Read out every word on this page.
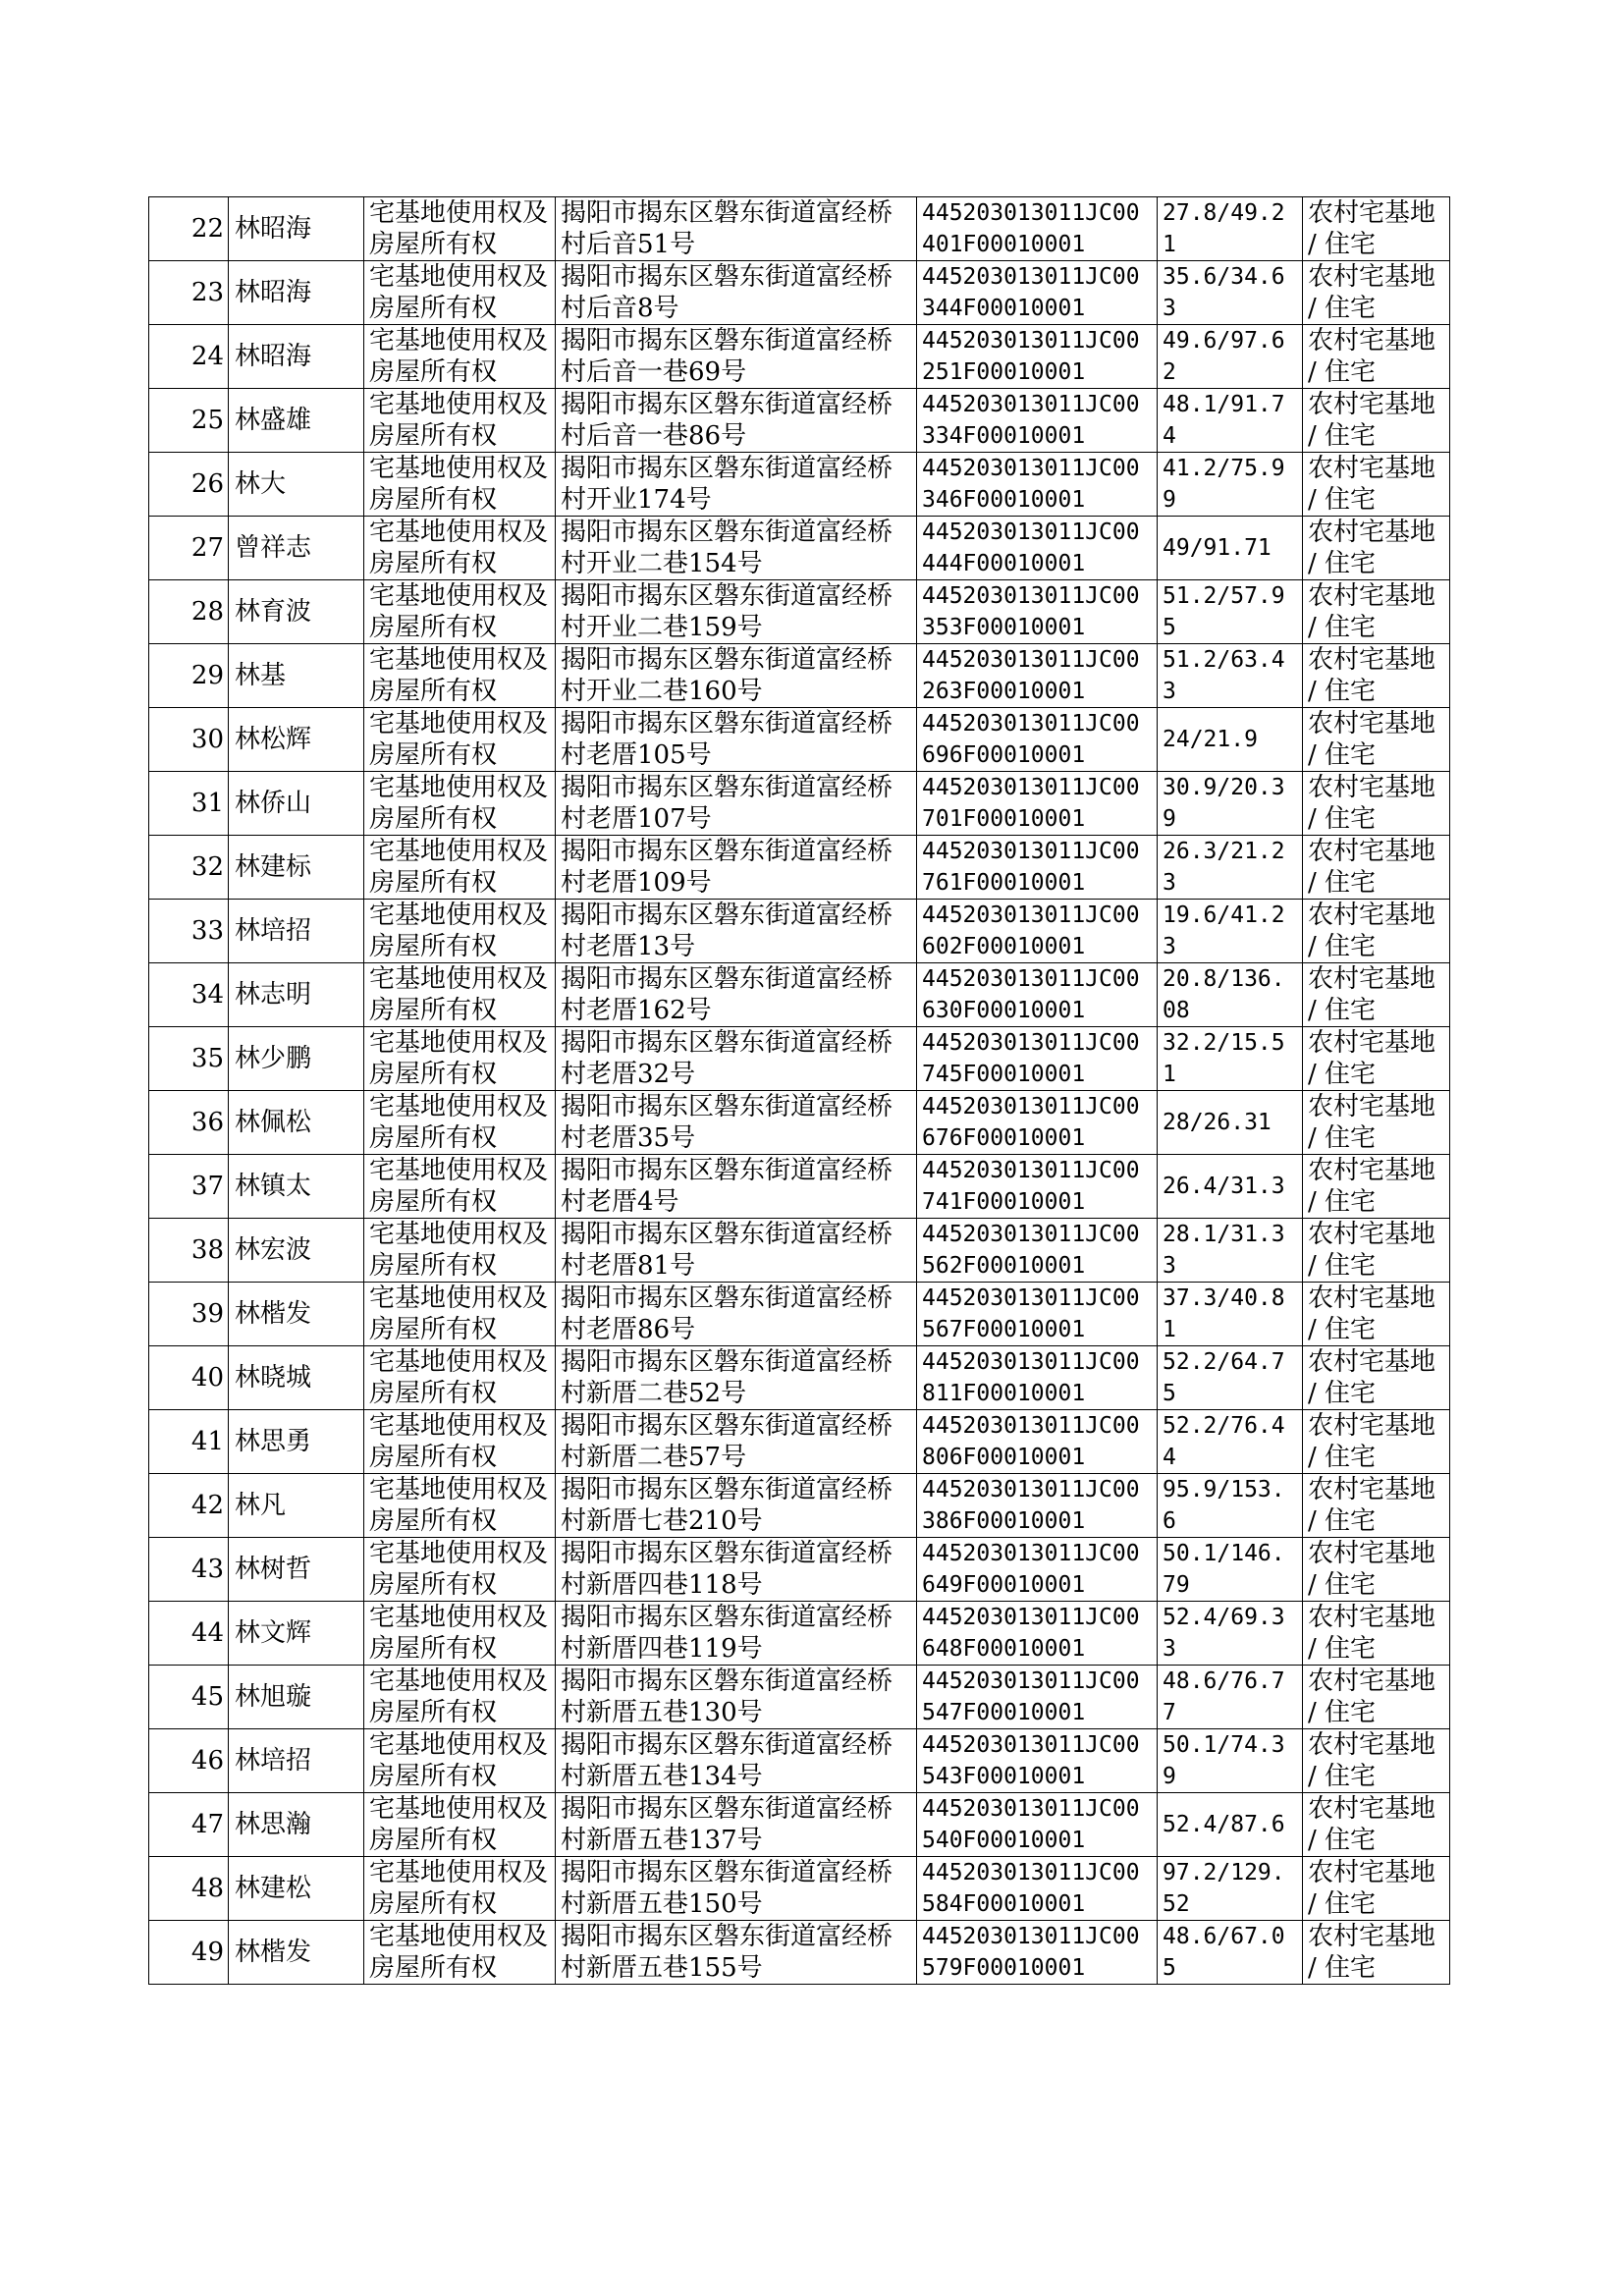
22	林昭海	宅基地使用权及房屋所有权	揭阳市揭东区磐东街道富经桥村后音51号	445203013011JC00401F00010001	27.8/49.21	农村宅基地 / 住宅
23	林昭海	宅基地使用权及房屋所有权	揭阳市揭东区磐东街道富经桥村后音8号	445203013011JC00344F00010001	35.6/34.63	农村宅基地 / 住宅
24	林昭海	宅基地使用权及房屋所有权	揭阳市揭东区磐东街道富经桥村后音一巷69号	445203013011JC00251F00010001	49.6/97.62	农村宅基地 / 住宅
25	林盛雄	宅基地使用权及房屋所有权	揭阳市揭东区磐东街道富经桥村后音一巷86号	445203013011JC00334F00010001	48.1/91.74	农村宅基地 / 住宅
26	林大	宅基地使用权及房屋所有权	揭阳市揭东区磐东街道富经桥村开业174号	445203013011JC00346F00010001	41.2/75.99	农村宅基地 / 住宅
27	曾祥志	宅基地使用权及房屋所有权	揭阳市揭东区磐东街道富经桥村开业二巷154号	445203013011JC00444F00010001	49/91.71	农村宅基地 / 住宅
28	林育波	宅基地使用权及房屋所有权	揭阳市揭东区磐东街道富经桥村开业二巷159号	445203013011JC00353F00010001	51.2/57.95	农村宅基地 / 住宅
29	林基	宅基地使用权及房屋所有权	揭阳市揭东区磐东街道富经桥村开业二巷160号	445203013011JC00263F00010001	51.2/63.43	农村宅基地 / 住宅
30	林松辉	宅基地使用权及房屋所有权	揭阳市揭东区磐东街道富经桥村老厝105号	445203013011JC00696F00010001	24/21.9	农村宅基地 / 住宅
31	林侨山	宅基地使用权及房屋所有权	揭阳市揭东区磐东街道富经桥村老厝107号	445203013011JC00701F00010001	30.9/20.39	农村宅基地 / 住宅
32	林建标	宅基地使用权及房屋所有权	揭阳市揭东区磐东街道富经桥村老厝109号	445203013011JC00761F00010001	26.3/21.23	农村宅基地 / 住宅
33	林培招	宅基地使用权及房屋所有权	揭阳市揭东区磐东街道富经桥村老厝13号	445203013011JC00602F00010001	19.6/41.23	农村宅基地 / 住宅
34	林志明	宅基地使用权及房屋所有权	揭阳市揭东区磐东街道富经桥村老厝162号	445203013011JC00630F00010001	20.8/136.08	农村宅基地 / 住宅
35	林少鹏	宅基地使用权及房屋所有权	揭阳市揭东区磐东街道富经桥村老厝32号	445203013011JC00745F00010001	32.2/15.51	农村宅基地 / 住宅
36	林佩松	宅基地使用权及房屋所有权	揭阳市揭东区磐东街道富经桥村老厝35号	445203013011JC00676F00010001	28/26.31	农村宅基地 / 住宅
37	林镇太	宅基地使用权及房屋所有权	揭阳市揭东区磐东街道富经桥村老厝4号	445203013011JC00741F00010001	26.4/31.3	农村宅基地 / 住宅
38	林宏波	宅基地使用权及房屋所有权	揭阳市揭东区磐东街道富经桥村老厝81号	445203013011JC00562F00010001	28.1/31.33	农村宅基地 / 住宅
39	林楷发	宅基地使用权及房屋所有权	揭阳市揭东区磐东街道富经桥村老厝86号	445203013011JC00567F00010001	37.3/40.81	农村宅基地 / 住宅
40	林晓城	宅基地使用权及房屋所有权	揭阳市揭东区磐东街道富经桥村新厝二巷52号	445203013011JC00811F00010001	52.2/64.75	农村宅基地 / 住宅
41	林思勇	宅基地使用权及房屋所有权	揭阳市揭东区磐东街道富经桥村新厝二巷57号	445203013011JC00806F00010001	52.2/76.44	农村宅基地 / 住宅
42	林凡	宅基地使用权及房屋所有权	揭阳市揭东区磐东街道富经桥村新厝七巷210号	445203013011JC00386F00010001	95.9/153.6	农村宅基地 / 住宅
43	林树哲	宅基地使用权及房屋所有权	揭阳市揭东区磐东街道富经桥村新厝四巷118号	445203013011JC00649F00010001	50.1/146.79	农村宅基地 / 住宅
44	林文辉	宅基地使用权及房屋所有权	揭阳市揭东区磐东街道富经桥村新厝四巷119号	445203013011JC00648F00010001	52.4/69.33	农村宅基地 / 住宅
45	林旭璇	宅基地使用权及房屋所有权	揭阳市揭东区磐东街道富经桥村新厝五巷130号	445203013011JC00547F00010001	48.6/76.77	农村宅基地 / 住宅
46	林培招	宅基地使用权及房屋所有权	揭阳市揭东区磐东街道富经桥村新厝五巷134号	445203013011JC00543F00010001	50.1/74.39	农村宅基地 / 住宅
47	林思瀚	宅基地使用权及房屋所有权	揭阳市揭东区磐东街道富经桥村新厝五巷137号	445203013011JC00540F00010001	52.4/87.6	农村宅基地 / 住宅
48	林建松	宅基地使用权及房屋所有权	揭阳市揭东区磐东街道富经桥村新厝五巷150号	445203013011JC00584F00010001	97.2/129.52	农村宅基地 / 住宅
49	林楷发	宅基地使用权及房屋所有权	揭阳市揭东区磐东街道富经桥村新厝五巷155号	445203013011JC00579F00010001	48.6/67.05	农村宅基地 / 住宅
